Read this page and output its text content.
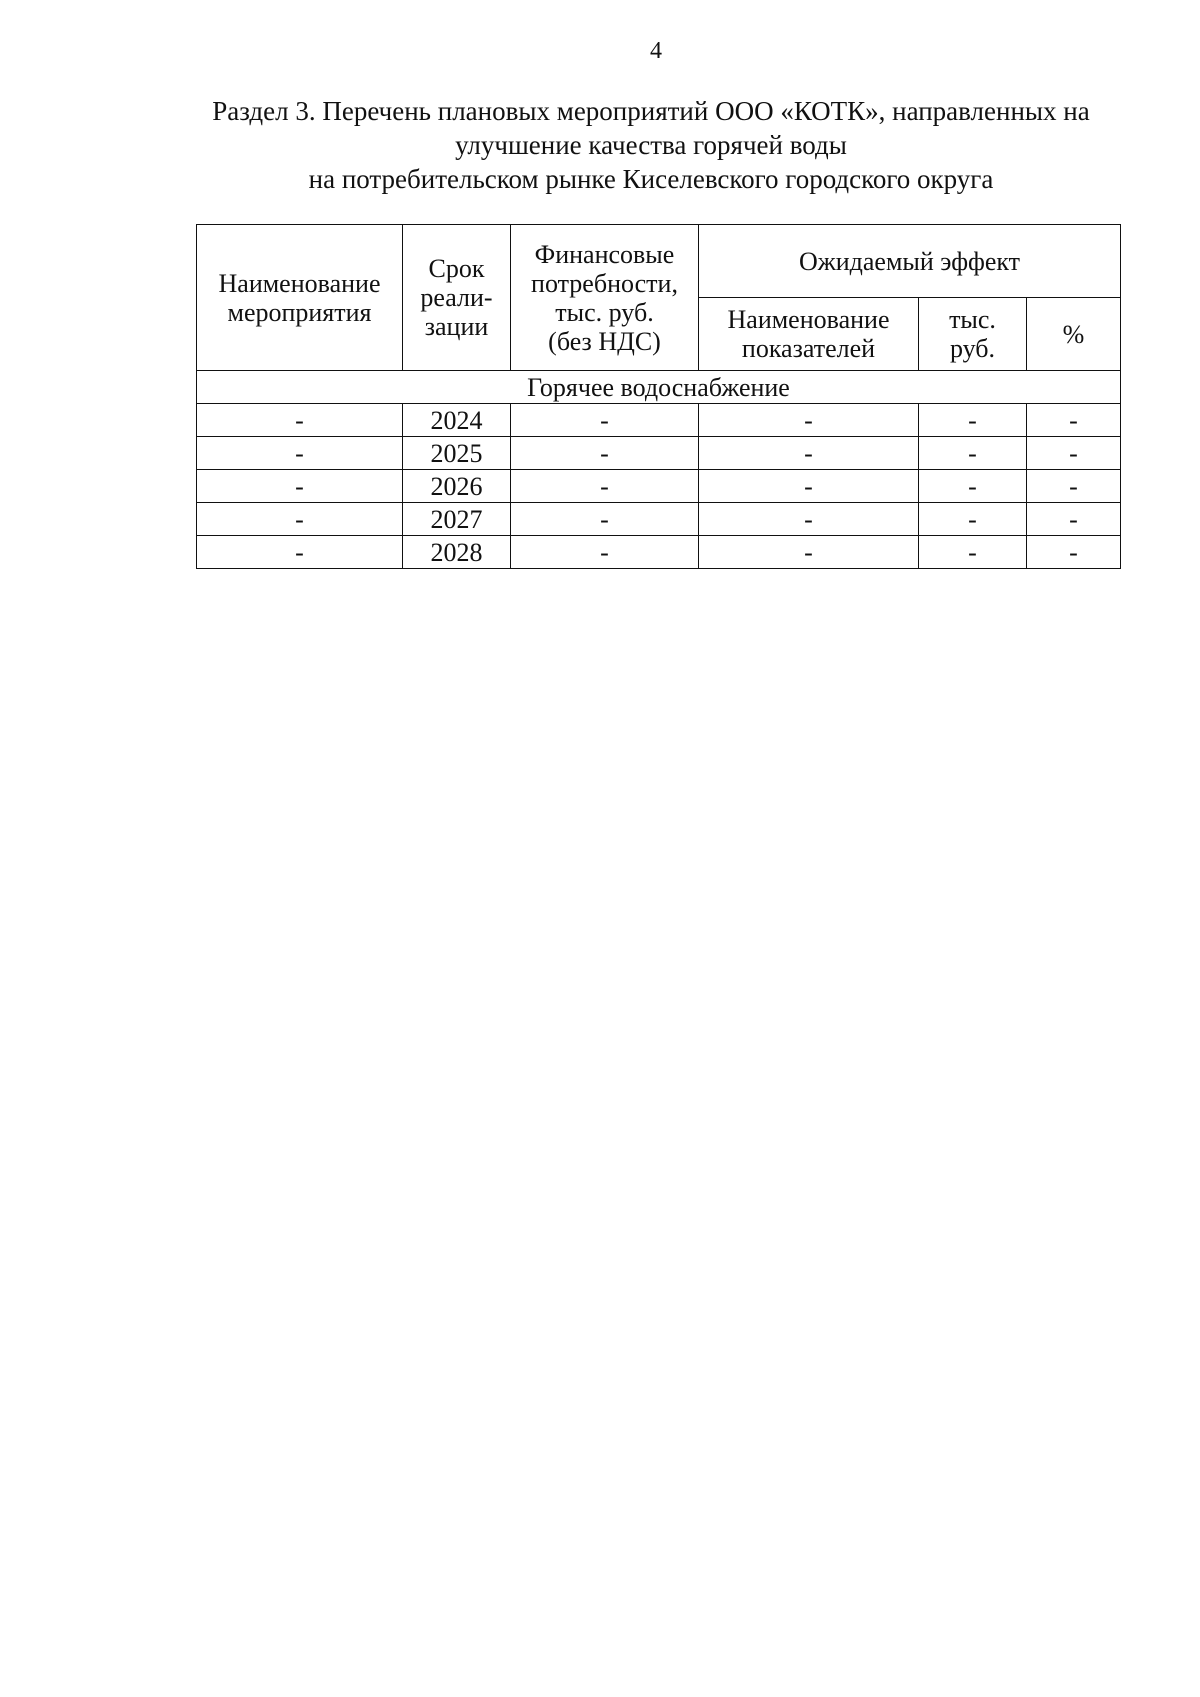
4
Раздел 3. Перечень плановых мероприятий ООО «КОТК», направленных на
улучшение качества горячей воды
на потребительском рынке Киселевского городского округа
Наименование
мероприятия	Срок
реали-
зации	Финансовые
потребности,
тыс. руб.
(без НДС)	Ожидаемый эффект		
			Наименование
показателей	тыс.
руб.	%
Горячее водоснабжение					
-	2024	-	-	-	-
-	2025	-	-	-	-
-	2026	-	-	-	-
-	2027	-	-	-	-
-	2028	-	-	-	-
